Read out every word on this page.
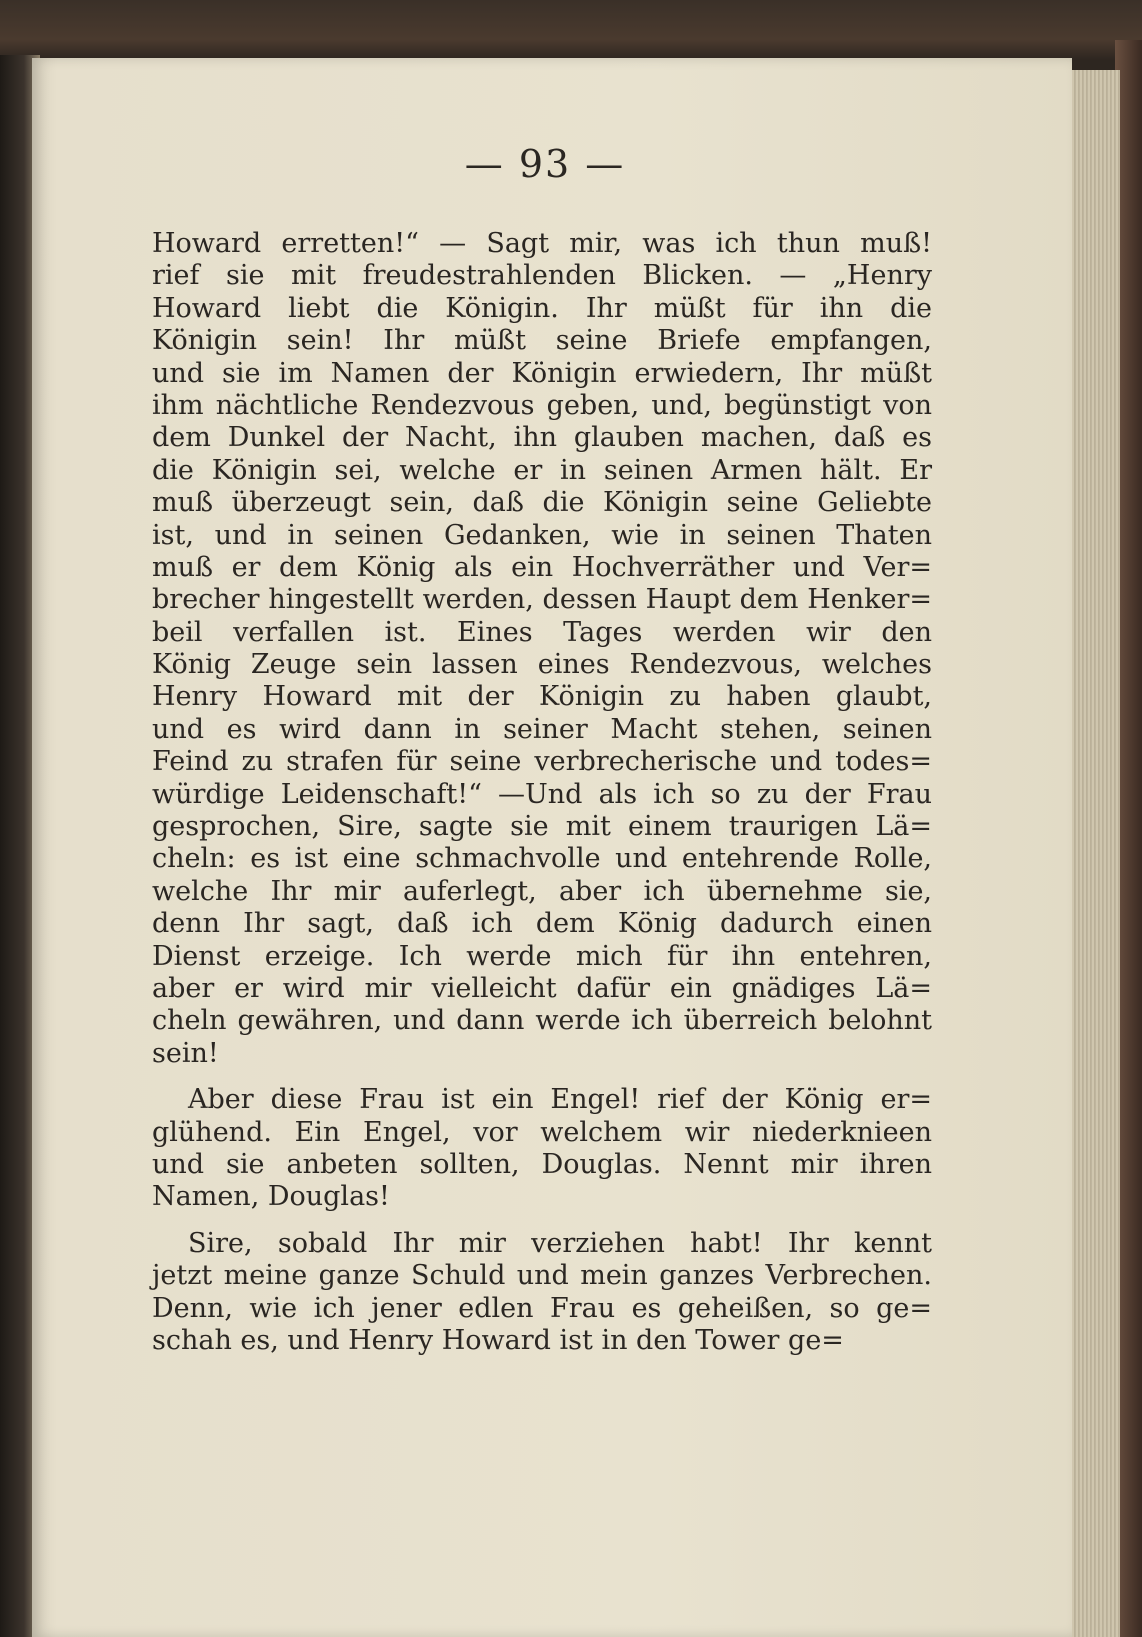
— 93 —
Howard erretten!“ — Sagt mir, was ich thun muß!
rief sie mit freudestrahlenden Blicken. — „Henry
Howard liebt die Königin. Ihr müßt für ihn die
Königin sein! Ihr müßt seine Briefe empfangen,
und sie im Namen der Königin erwiedern, Ihr müßt
ihm nächtliche Rendezvous geben, und, begünstigt von
dem Dunkel der Nacht, ihn glauben machen, daß es
die Königin sei, welche er in seinen Armen hält. Er
muß überzeugt sein, daß die Königin seine Geliebte
ist, und in seinen Gedanken, wie in seinen Thaten
muß er dem König als ein Hochverräther und Ver=
brecher hingestellt werden, dessen Haupt dem Henker=
beil verfallen ist. Eines Tages werden wir den
König Zeuge sein lassen eines Rendezvous, welches
Henry Howard mit der Königin zu haben glaubt,
und es wird dann in seiner Macht stehen, seinen
Feind zu strafen für seine verbrecherische und todes=
würdige Leidenschaft!“ —Und als ich so zu der Frau
gesprochen, Sire, sagte sie mit einem traurigen Lä=
cheln: es ist eine schmachvolle und entehrende Rolle,
welche Ihr mir auferlegt, aber ich übernehme sie,
denn Ihr sagt, daß ich dem König dadurch einen
Dienst erzeige. Ich werde mich für ihn entehren,
aber er wird mir vielleicht dafür ein gnädiges Lä=
cheln gewähren, und dann werde ich überreich belohnt
sein!
Aber diese Frau ist ein Engel! rief der König er=
glühend. Ein Engel, vor welchem wir niederknieen
und sie anbeten sollten, Douglas. Nennt mir ihren
Namen, Douglas!
Sire, sobald Ihr mir verziehen habt! Ihr kennt
jetzt meine ganze Schuld und mein ganzes Verbrechen.
Denn, wie ich jener edlen Frau es geheißen, so ge=
schah es, und Henry Howard ist in den Tower ge=
